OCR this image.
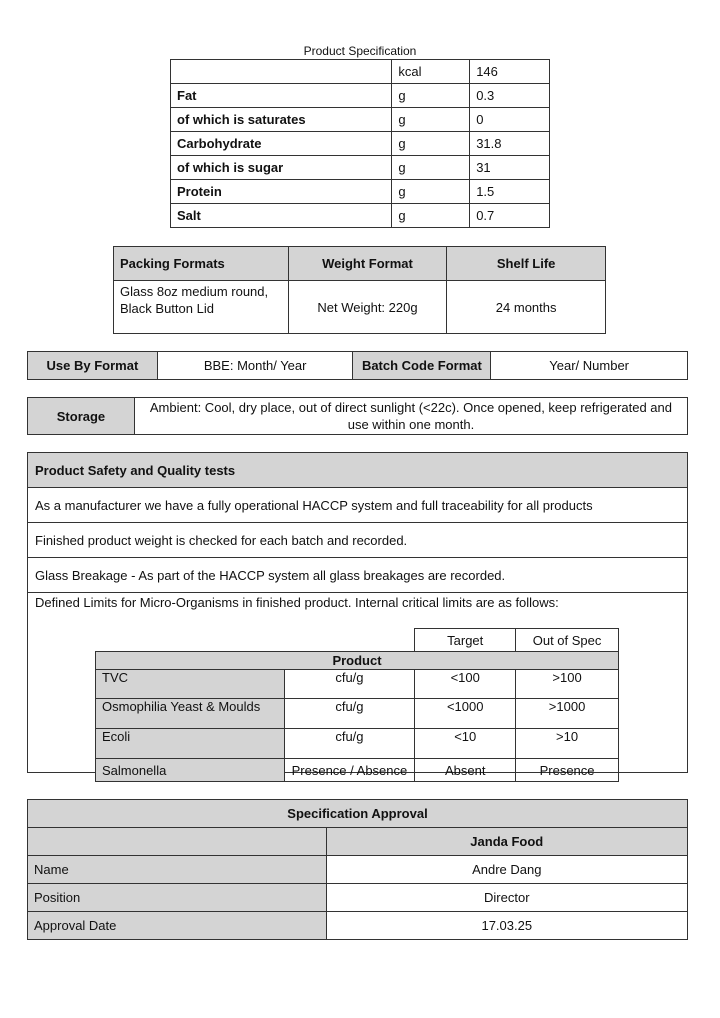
Product Specification
	kcal	146
Fat	g	0.3
of which is saturates	g	0
Carbohydrate	g	31.8
of which is sugar	g	31
Protein	g	1.5
Salt	g	0.7
Packing Formats	Weight Format	Shelf Life
Glass 8oz medium round, Black Button Lid	Net Weight: 220g	24 months
Use By Format	BBE: Month/ Year	Batch Code Format	Year/ Number
Storage	Ambient: Cool, dry place, out of direct sunlight (<22c). Once opened, keep refrigerated and use within one month.
Product Safety and Quality tests
As a manufacturer we have a fully operational HACCP system and full traceability for all products
Finished product weight is checked for each batch and recorded.
Glass Breakage - As part of the HACCP system all glass breakages are recorded.
Defined Limits for Micro-Organisms in finished product. Internal critical limits are as follows:
		Target	Out of Spec
Product			
TVC	cfu/g	<100	>100
Osmophilia Yeast & Moulds	cfu/g	<1000	>1000
Ecoli	cfu/g	<10	>10
Salmonella	Presence / Absence	Absent	Presence
Specification Approval	
	Janda Food
Name	Andre Dang
Position	Director
Approval Date	17.03.25
